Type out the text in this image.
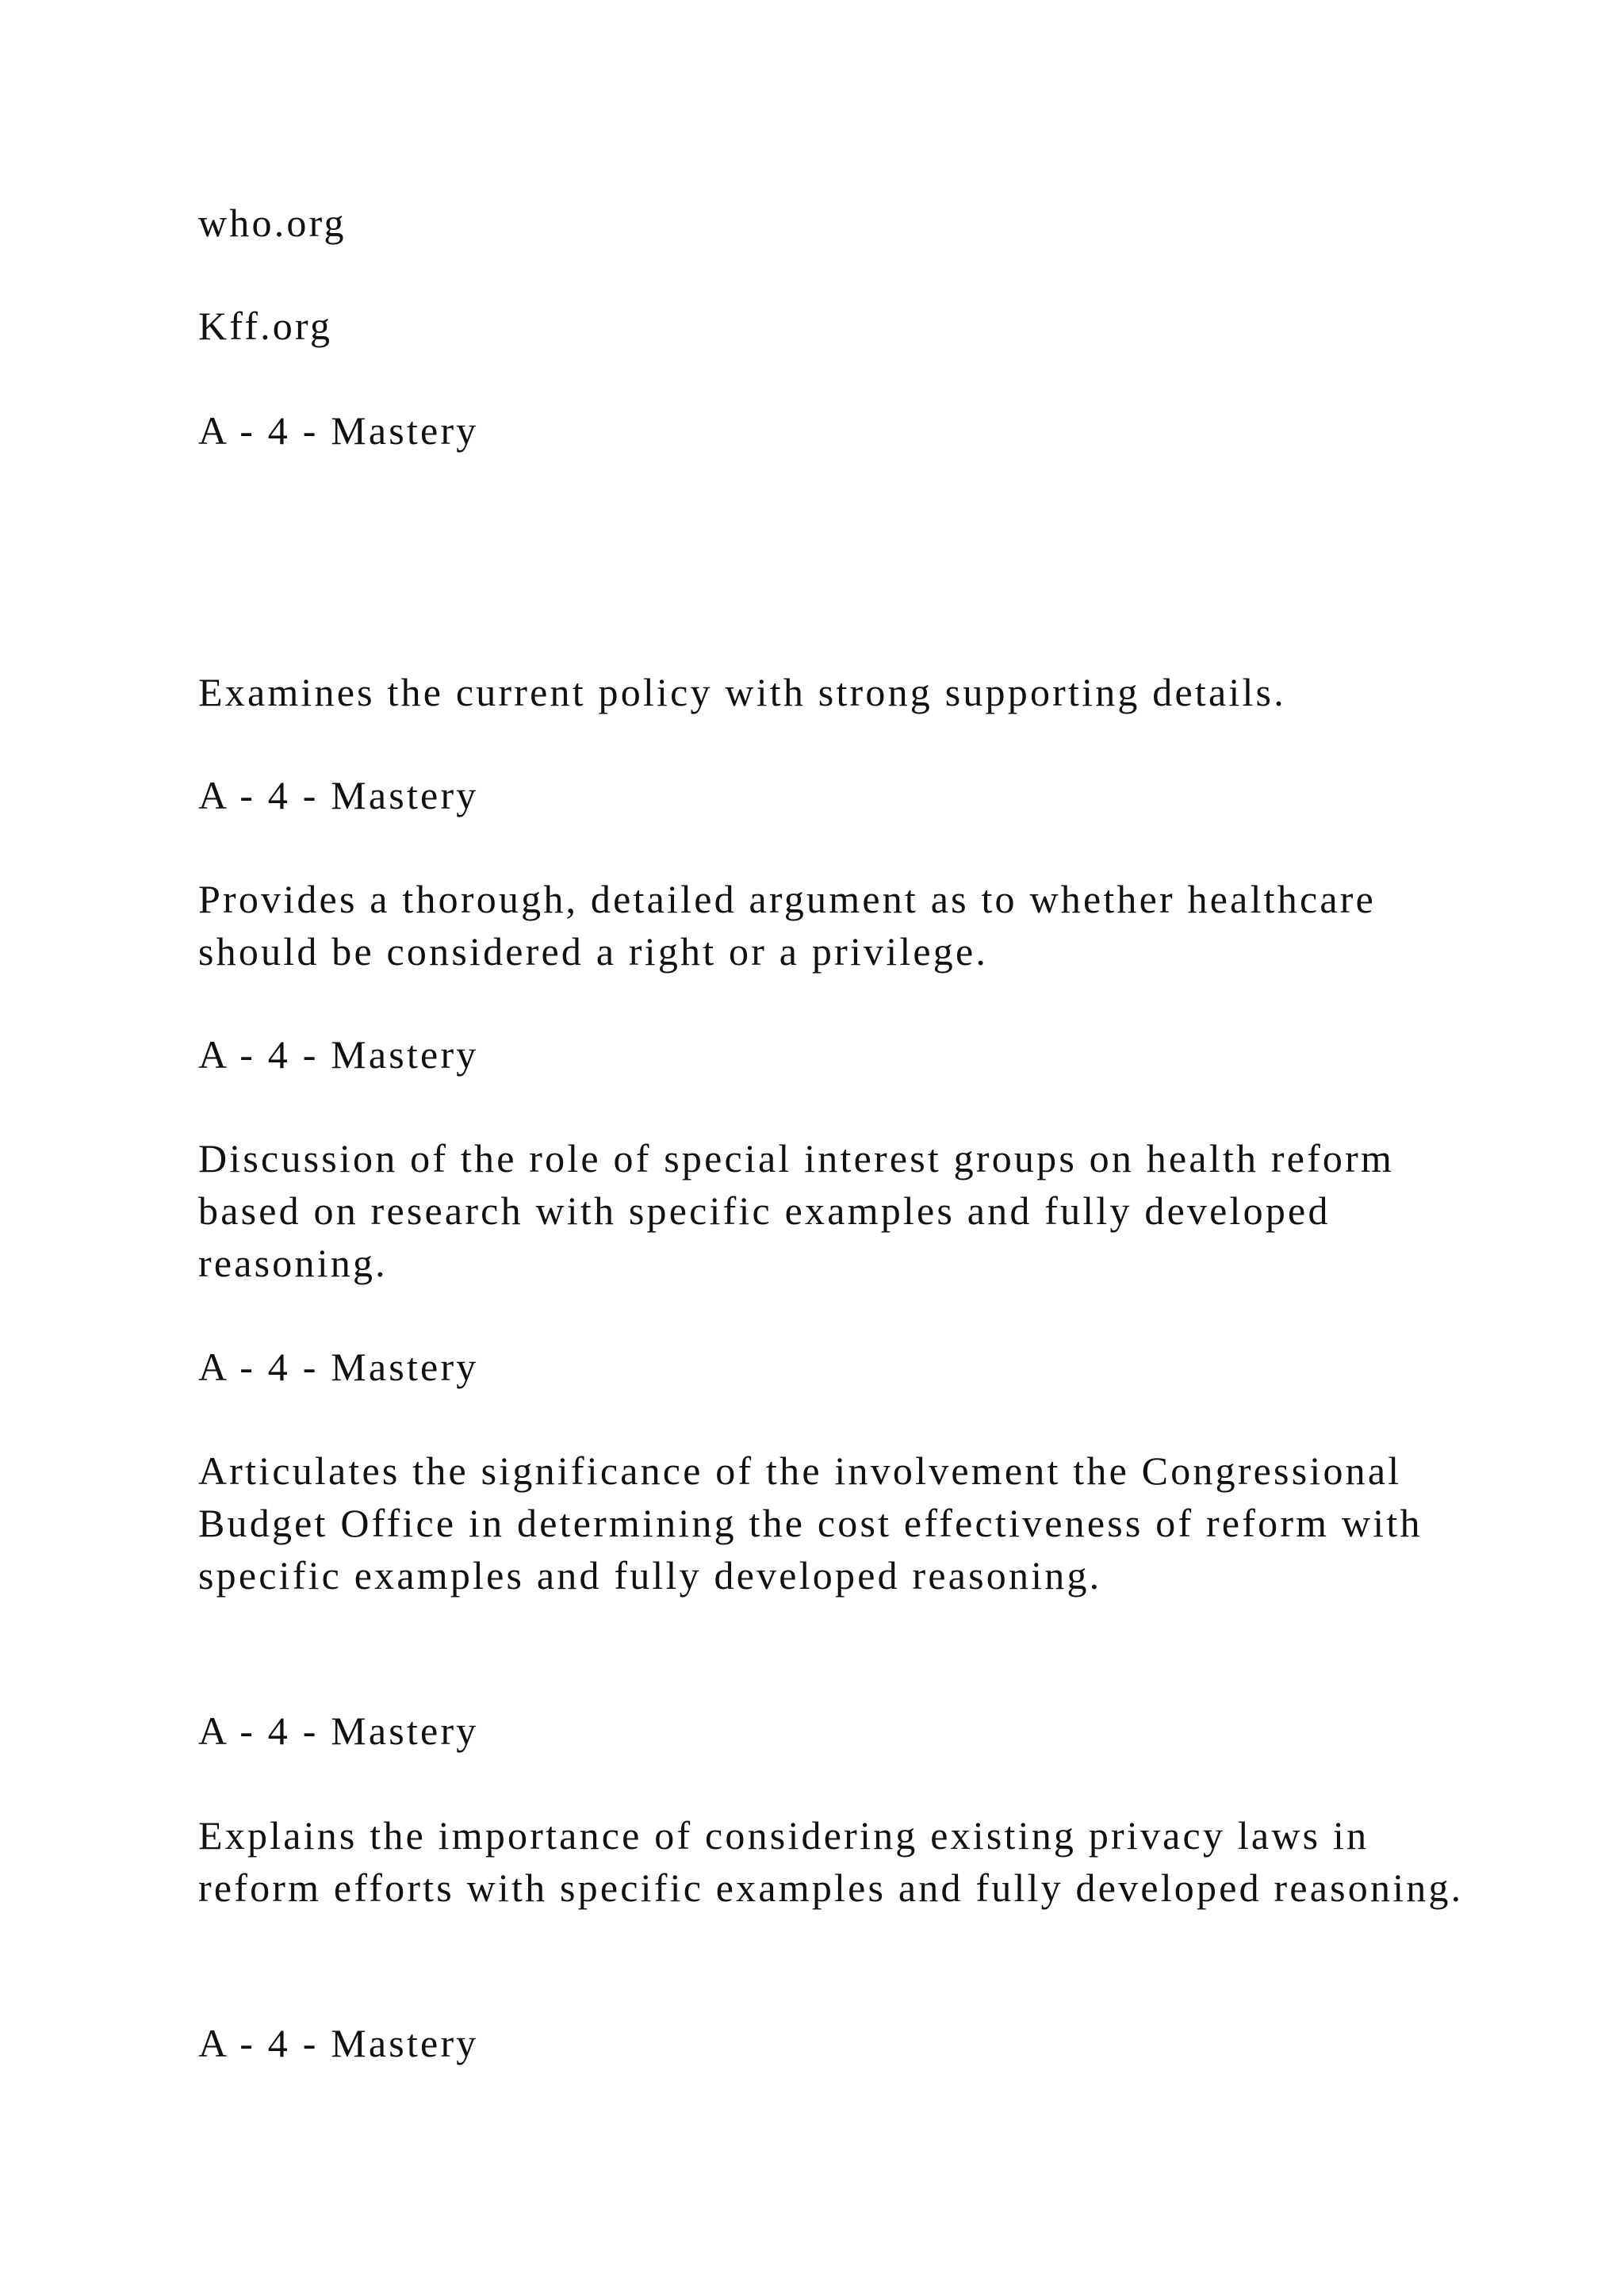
who.org

Kff.org

A - 4 - Mastery

Examines the current policy with strong supporting details.

A - 4 - Mastery

Provides a thorough, detailed argument as to whether healthcare should be considered a right or a privilege.

A - 4 - Mastery

Discussion of the role of special interest groups on health reform based on research with specific examples and fully developed reasoning.

A - 4 - Mastery

Articulates the significance of the involvement the Congressional Budget Office in determining the cost effectiveness of reform with specific examples and fully developed reasoning.

A - 4 - Mastery

Explains the importance of considering existing privacy laws in reform efforts with specific examples and fully developed reasoning.

A - 4 - Mastery
